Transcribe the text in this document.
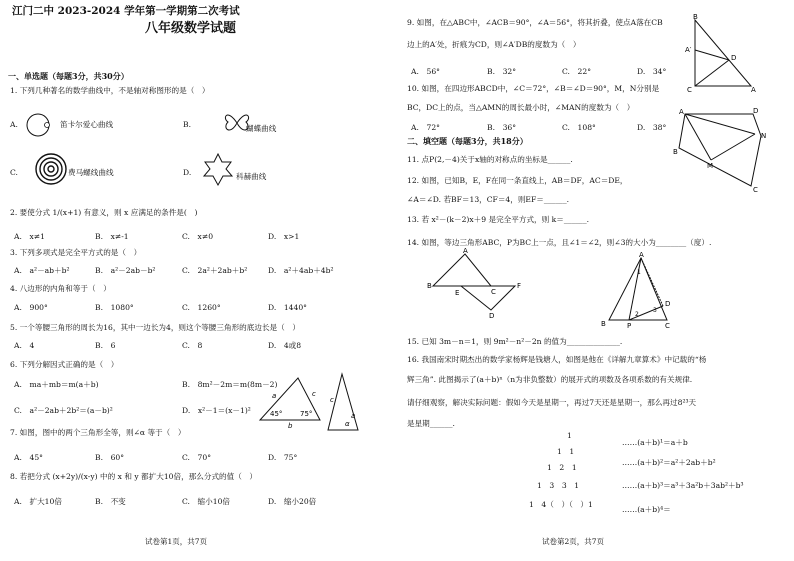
江门二中 2023-2024 学年第一学期第二次考试
八年级数学试题
一、单选题（每题3分，共30分）
1. 下列几种著名的数学曲线中，不是轴对称图形的是（　）
A.	笛卡尔爱心曲线	B.	蝴蝶曲线
C.	费马螺线曲线	D.	科赫曲线
2. 要使分式 1/(x+1) 有意义，则 x 应满足的条件是(　)
A.　x≠1	B.　x≠-1	C.　x≠0	D.　x>1
3. 下列多项式是完全平方式的是（　）
A.　a²－ab＋b²	B.　a²－2ab－b²	C.　2a²＋2ab＋b²	D.　a²＋4ab＋4b²
4. 八边形的内角和等于（　）
A.　900°	B.　1080°	C.　1260°	D.　1440°
5. 一个等腰三角形的周长为16，其中一边长为4，则这个等腰三角形的底边长是（　）
A.　4	B.　6	C.　8	D.　4或8
6. 下列分解因式正确的是（　）
A.　ma＋mb＝m(a＋b)	B.　8m²－2m＝m(8m－2)
C.　a²－2ab＋2b²＝(a－b)²	D.　x²－1＝(x－1)²	45°	75°
a
b
c
c
a
α
7. 如图，图中的两个三角形全等，则∠α 等于（　）
A.　45°	B.　60°	C.　70°	D.　75°
8. 若把分式 (x+2y)/(x-y) 中的 x 和 y 都扩大10倍，那么分式的值（　）
A.　扩大10倍	B.　不变	C.　缩小10倍	D.　缩小20倍
试卷第1页，共7页
9. 如图，在△ABC中，∠ACB＝90°，∠A＝56°，将其折叠，使点A落在CB
边上的A′处，折痕为CD，则∠A′DB的度数为（　）
A.　56°	B.　32°	C.　22°	D.　34°
B
A′
D
C	A
10. 如图，在四边形ABCD中，∠C＝72°，∠B＝∠D＝90°，M，N分别是
BC，DC上的点，当△AMN的周长最小时，∠MAN的度数为（　）
A.　72°	B.　36°	C.　108°	D.　38°
A	D
N
B
M
C
二、填空题（每题3分，共18分）
11. 点P(2,－4)关于x轴的对称点的坐标是______.
12. 如图，已知B，E，F在同一条直线上，AB＝DF，AC＝DE，
∠A＝∠D. 若BF＝13，CF＝4，则EF＝______.
13. 若 x²－(k－2)x＋9 是完全平方式，则 k＝______.
14. 如图，等边三角形ABC，P为BC上一点，且∠1＝∠2，则∠3的大小为________（度）.
A
B
E	C
F
D
A
B	P	C
D
1
2
3
15. 已知 3m－n＝1，则 9m²－n²－2n 的值为______________.
16. 我国南宋时期杰出的数学家杨辉是钱塘人，如图是他在《详解九章算术》中记载的“杨
辉三角”. 此图揭示了(a＋b)ⁿ（n为非负整数）的展开式的项数及各项系数的有关规律.
请仔细观察，解决实际问题：假如今天是星期一，再过7天还是星期一，那么再过8²³天
是星期______.
1
1　1
1　2　1
1　3　3　1
1　4（　）（　）1
……(a＋b)¹＝a＋b
……(a＋b)²＝a²＋2ab＋b²
……(a＋b)³＝a³＋3a²b＋3ab²＋b³
……(a＋b)⁴＝
试卷第2页，共7页
